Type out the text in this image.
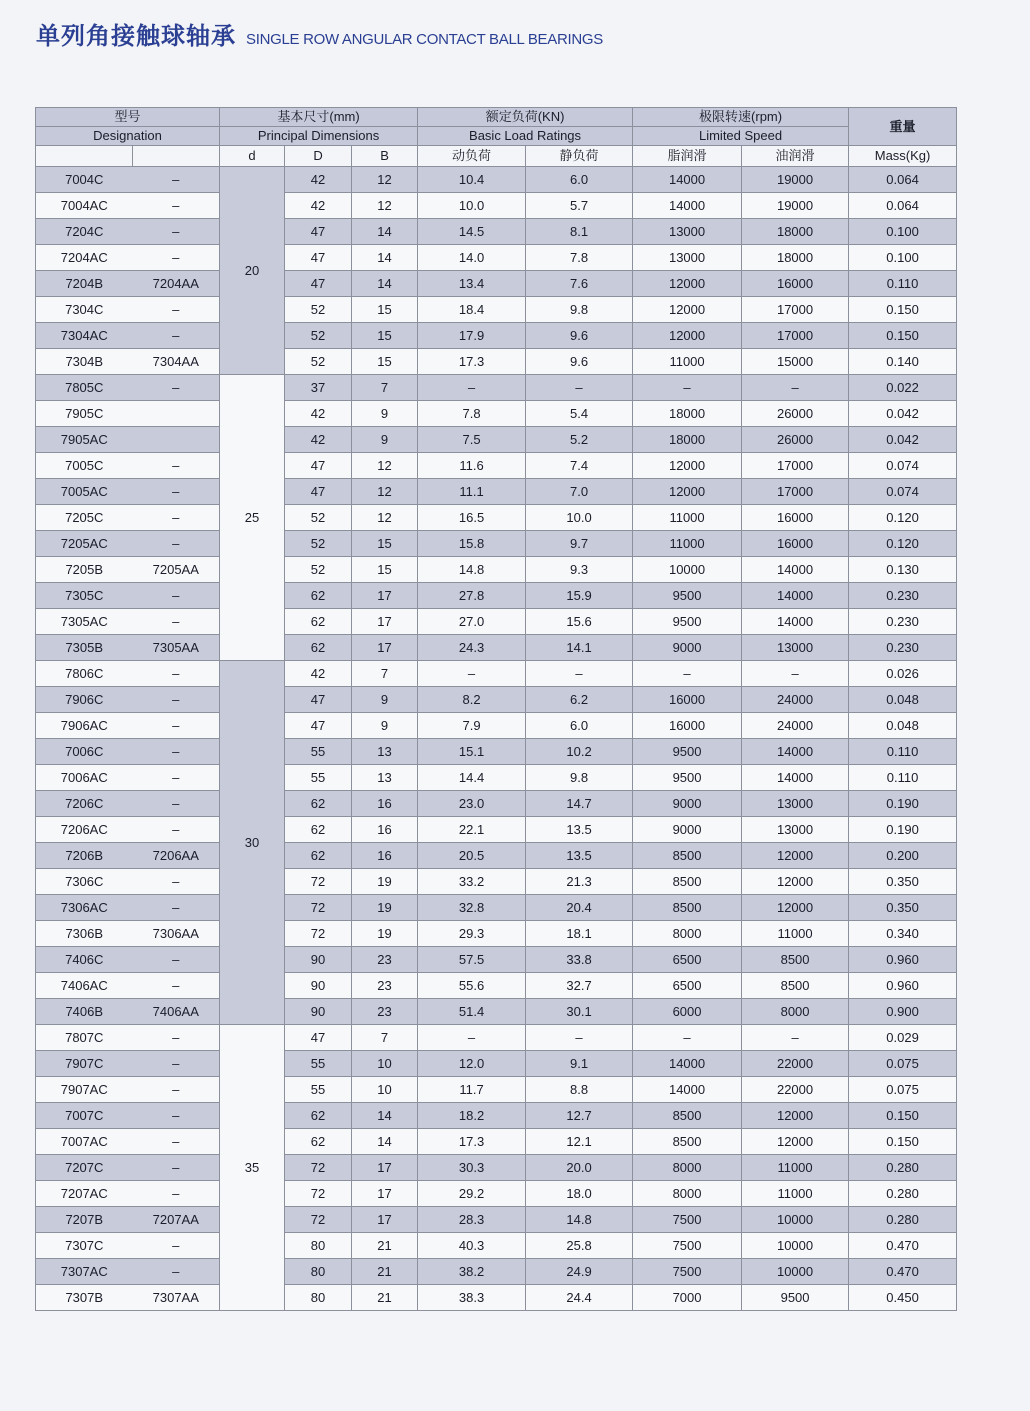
单列角接触球轴承 SINGLE ROW ANGULAR CONTACT BALL BEARINGS
型号		基本尺寸(mm)			额定负荷(KN)		极限转速(rpm)		重量
Designation		Principal Dimensions			Basic Load Ratings		Limited Speed		
		d	D	B	动负荷	静负荷	脂润滑	油润滑	Mass(Kg)
7004C	–	20	42	12	10.4	6.0	14000	19000	0.064
7004AC	–		42	12	10.0	5.7	14000	19000	0.064
7204C	–		47	14	14.5	8.1	13000	18000	0.100
7204AC	–		47	14	14.0	7.8	13000	18000	0.100
7204B	7204AA		47	14	13.4	7.6	12000	16000	0.110
7304C	–		52	15	18.4	9.8	12000	17000	0.150
7304AC	–		52	15	17.9	9.6	12000	17000	0.150
7304B	7304AA		52	15	17.3	9.6	11000	15000	0.140
7805C	–	25	37	7	–	–	–	–	0.022
7905C			42	9	7.8	5.4	18000	26000	0.042
7905AC			42	9	7.5	5.2	18000	26000	0.042
7005C	–		47	12	11.6	7.4	12000	17000	0.074
7005AC	–		47	12	11.1	7.0	12000	17000	0.074
7205C	–		52	12	16.5	10.0	11000	16000	0.120
7205AC	–		52	15	15.8	9.7	11000	16000	0.120
7205B	7205AA		52	15	14.8	9.3	10000	14000	0.130
7305C	–		62	17	27.8	15.9	9500	14000	0.230
7305AC	–		62	17	27.0	15.6	9500	14000	0.230
7305B	7305AA		62	17	24.3	14.1	9000	13000	0.230
7806C	–	30	42	7	–	–	–	–	0.026
7906C	–		47	9	8.2	6.2	16000	24000	0.048
7906AC	–		47	9	7.9	6.0	16000	24000	0.048
7006C	–		55	13	15.1	10.2	9500	14000	0.110
7006AC	–		55	13	14.4	9.8	9500	14000	0.110
7206C	–		62	16	23.0	14.7	9000	13000	0.190
7206AC	–		62	16	22.1	13.5	9000	13000	0.190
7206B	7206AA		62	16	20.5	13.5	8500	12000	0.200
7306C	–		72	19	33.2	21.3	8500	12000	0.350
7306AC	–		72	19	32.8	20.4	8500	12000	0.350
7306B	7306AA		72	19	29.3	18.1	8000	11000	0.340
7406C	–		90	23	57.5	33.8	6500	8500	0.960
7406AC	–		90	23	55.6	32.7	6500	8500	0.960
7406B	7406AA		90	23	51.4	30.1	6000	8000	0.900
7807C	–	35	47	7	–	–	–	–	0.029
7907C	–		55	10	12.0	9.1	14000	22000	0.075
7907AC	–		55	10	11.7	8.8	14000	22000	0.075
7007C	–		62	14	18.2	12.7	8500	12000	0.150
7007AC	–		62	14	17.3	12.1	8500	12000	0.150
7207C	–		72	17	30.3	20.0	8000	11000	0.280
7207AC	–		72	17	29.2	18.0	8000	11000	0.280
7207B	7207AA		72	17	28.3	14.8	7500	10000	0.280
7307C	–		80	21	40.3	25.8	7500	10000	0.470
7307AC	–		80	21	38.2	24.9	7500	10000	0.470
7307B	7307AA		80	21	38.3	24.4	7000	9500	0.450
